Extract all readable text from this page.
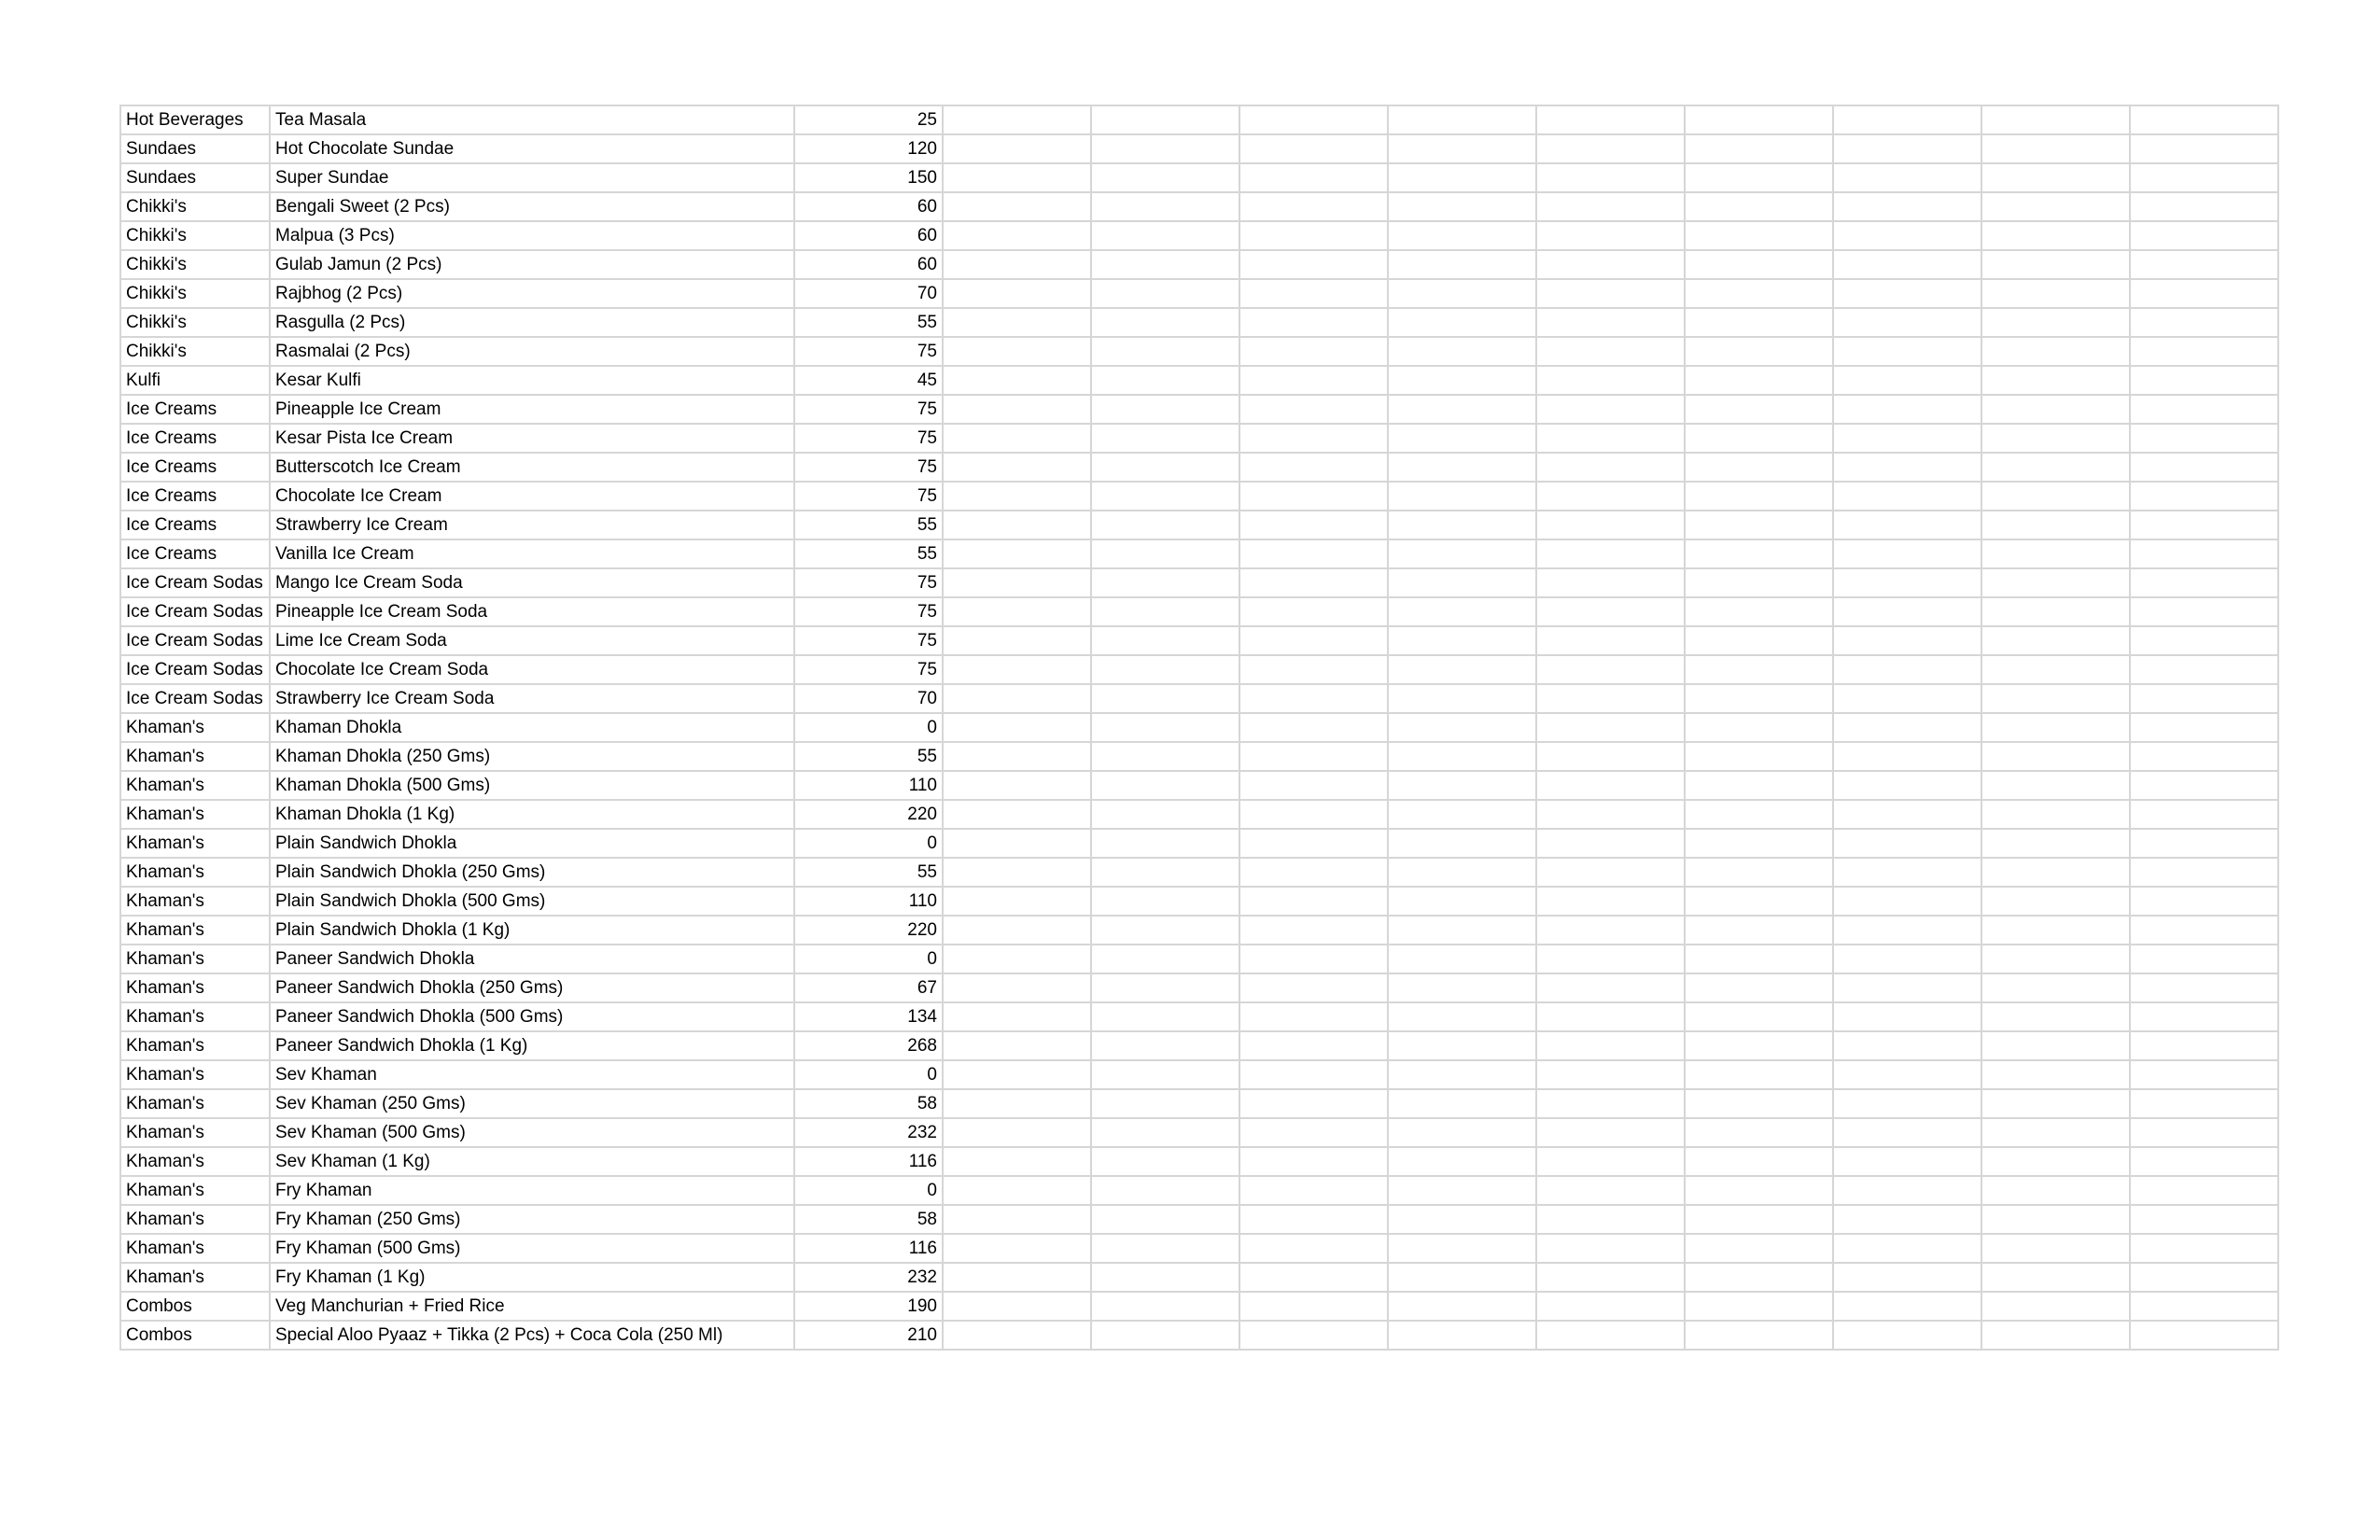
Hot Beverages	Tea Masala	25									
Sundaes	Hot Chocolate Sundae	120									
Sundaes	Super Sundae	150									
Chikki's	Bengali Sweet (2 Pcs)	60									
Chikki's	Malpua (3 Pcs)	60									
Chikki's	Gulab Jamun (2 Pcs)	60									
Chikki's	Rajbhog (2 Pcs)	70									
Chikki's	Rasgulla (2 Pcs)	55									
Chikki's	Rasmalai (2 Pcs)	75									
Kulfi	Kesar Kulfi	45									
Ice Creams	Pineapple Ice Cream	75									
Ice Creams	Kesar Pista Ice Cream	75									
Ice Creams	Butterscotch Ice Cream	75									
Ice Creams	Chocolate Ice Cream	75									
Ice Creams	Strawberry Ice Cream	55									
Ice Creams	Vanilla Ice Cream	55									
Ice Cream Sodas	Mango Ice Cream Soda	75									
Ice Cream Sodas	Pineapple Ice Cream Soda	75									
Ice Cream Sodas	Lime Ice Cream Soda	75									
Ice Cream Sodas	Chocolate Ice Cream Soda	75									
Ice Cream Sodas	Strawberry Ice Cream Soda	70									
Khaman's	Khaman Dhokla	0									
Khaman's	Khaman Dhokla (250 Gms)	55									
Khaman's	Khaman Dhokla (500 Gms)	110									
Khaman's	Khaman Dhokla (1 Kg)	220									
Khaman's	Plain Sandwich Dhokla	0									
Khaman's	Plain Sandwich Dhokla (250 Gms)	55									
Khaman's	Plain Sandwich Dhokla (500 Gms)	110									
Khaman's	Plain Sandwich Dhokla (1 Kg)	220									
Khaman's	Paneer Sandwich Dhokla	0									
Khaman's	Paneer Sandwich Dhokla (250 Gms)	67									
Khaman's	Paneer Sandwich Dhokla (500 Gms)	134									
Khaman's	Paneer Sandwich Dhokla (1 Kg)	268									
Khaman's	Sev Khaman	0									
Khaman's	Sev Khaman (250 Gms)	58									
Khaman's	Sev Khaman (500 Gms)	232									
Khaman's	Sev Khaman (1 Kg)	116									
Khaman's	Fry Khaman	0									
Khaman's	Fry Khaman (250 Gms)	58									
Khaman's	Fry Khaman (500 Gms)	116									
Khaman's	Fry Khaman (1 Kg)	232									
Combos	Veg Manchurian + Fried Rice	190									
Combos	Special Aloo Pyaaz + Tikka (2 Pcs) + Coca Cola (250 Ml)	210									
